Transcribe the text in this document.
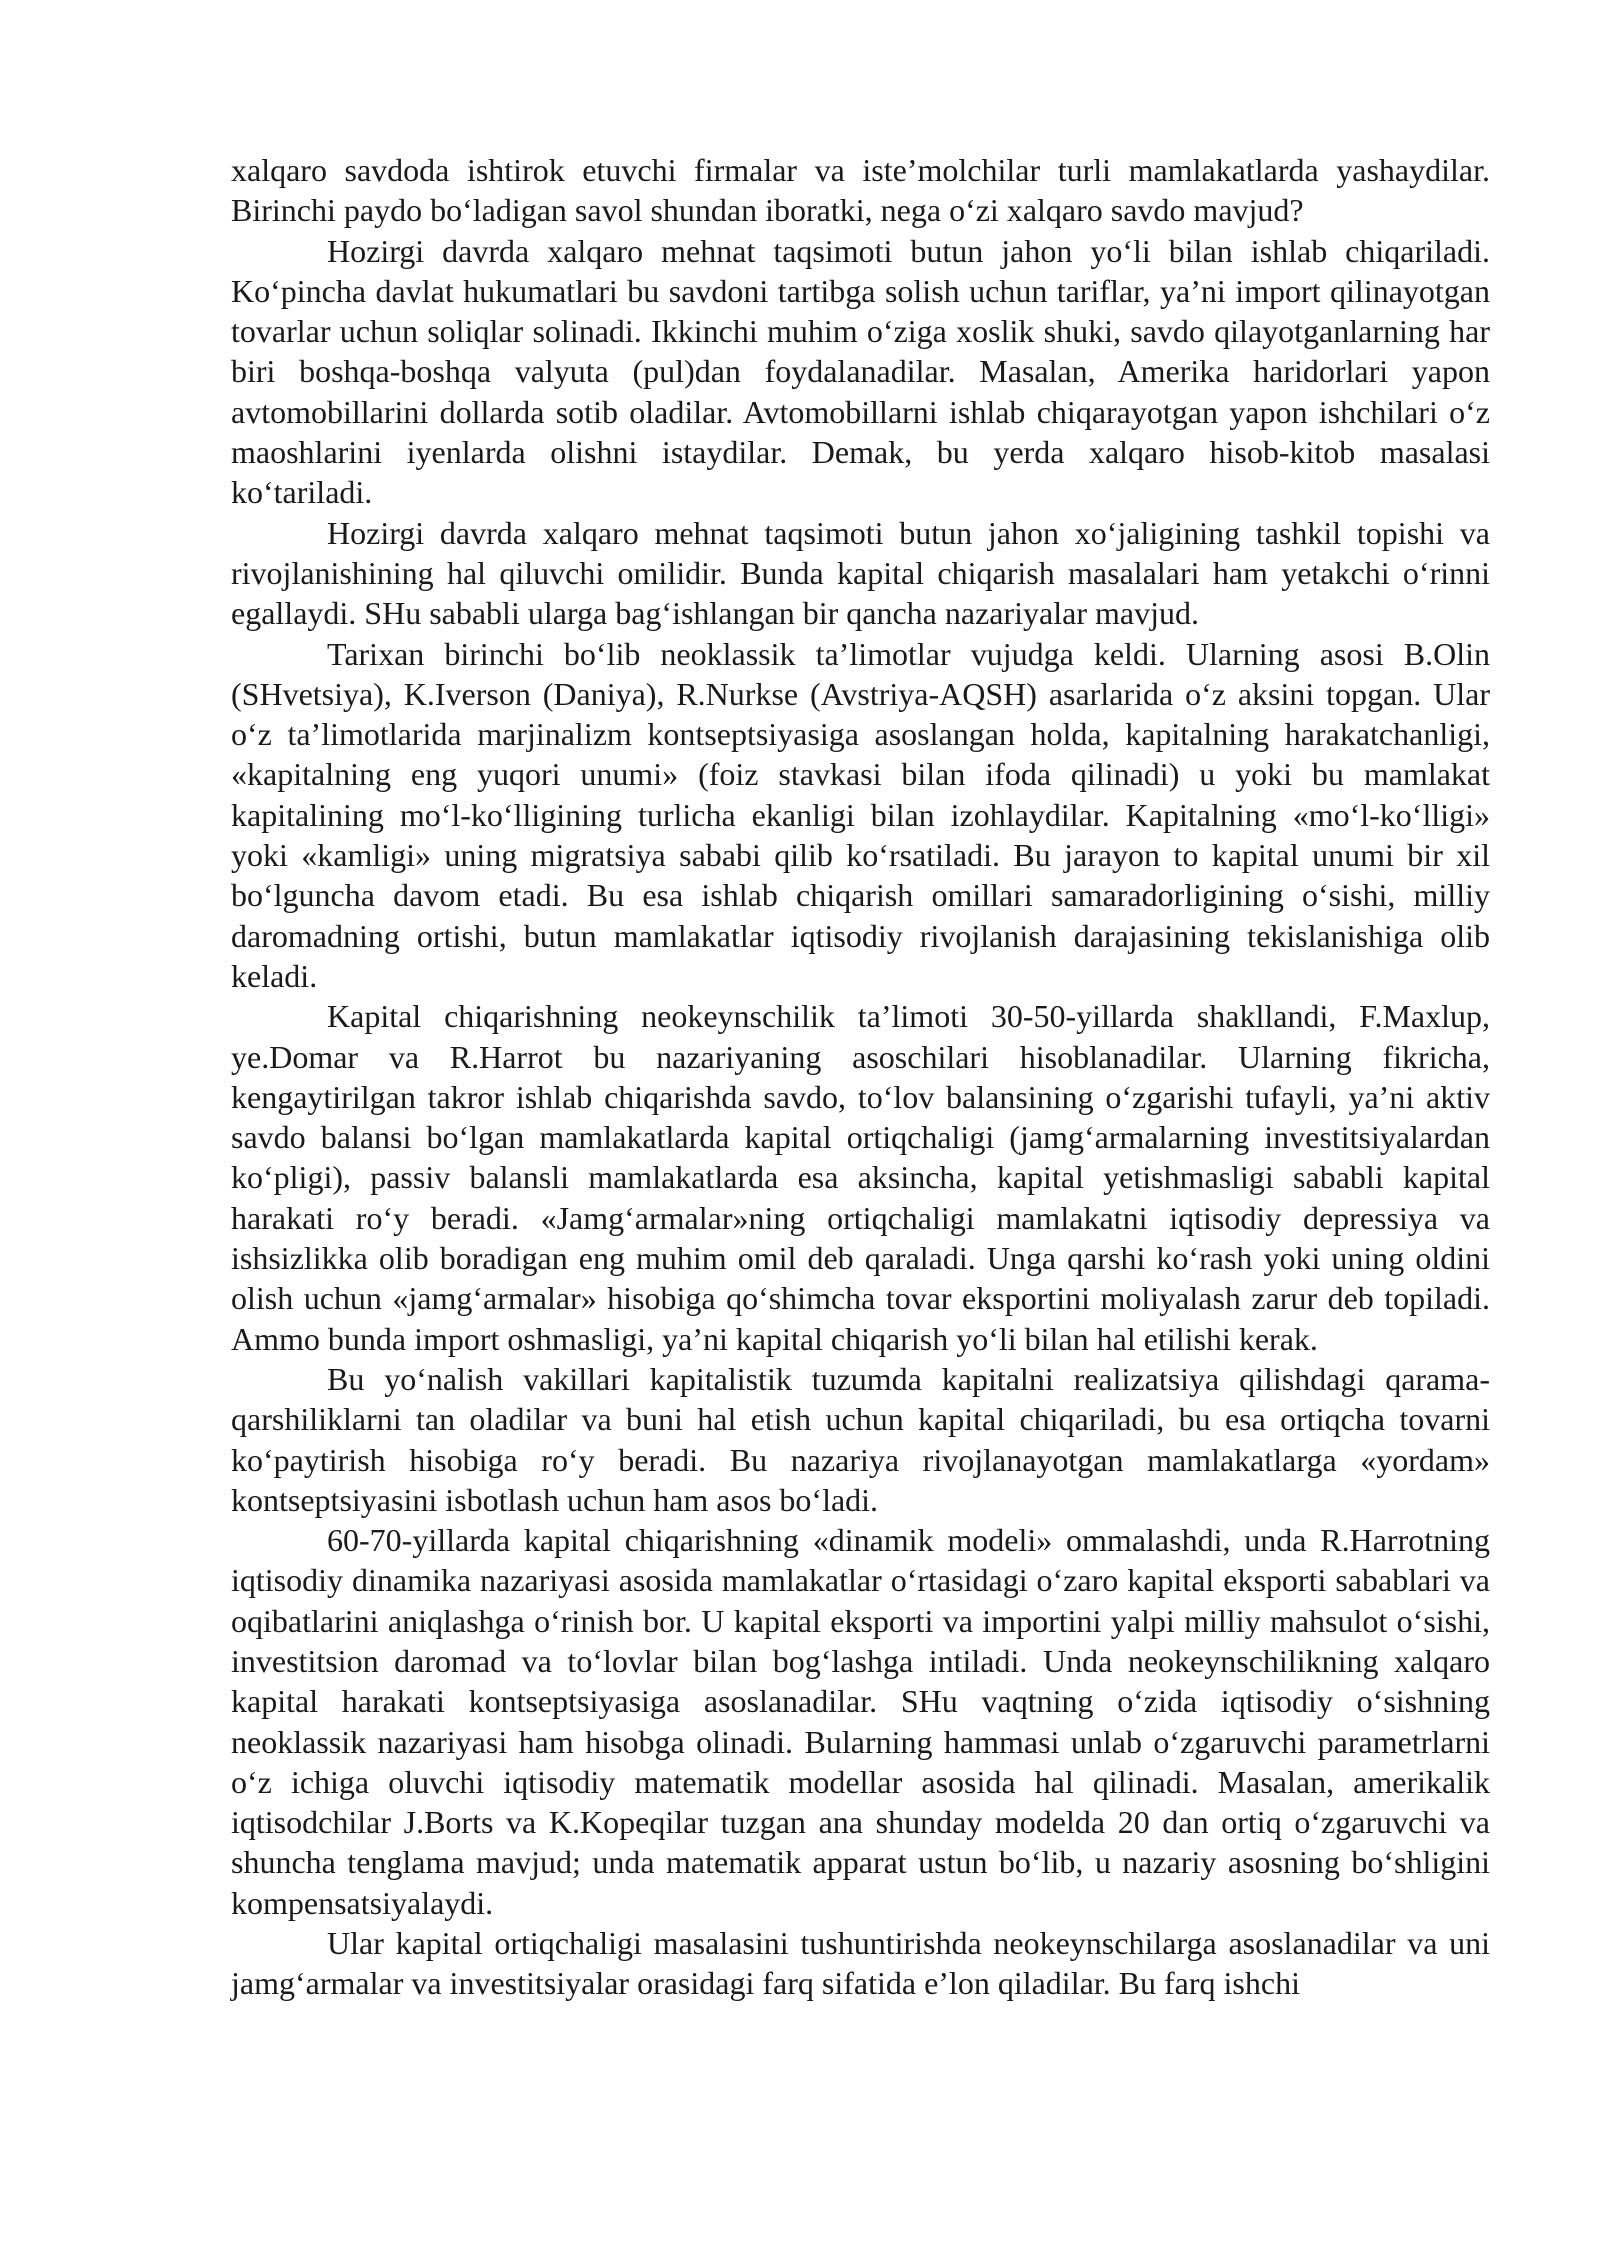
xalqaro savdoda ishtirok etuvchi firmalar va iste’molchilar turli mamlakatlarda yashaydilar. Birinchi paydo bo‘ladigan savol shundan iboratki, nega o‘zi xalqaro savdo mavjud?

Hozirgi davrda xalqaro mehnat taqsimoti butun jahon yo‘li bilan ishlab chiqariladi. Ko‘pincha davlat hukumatlari bu savdoni tartibga solish uchun tariflar, ya’ni import qilinayotgan tovarlar uchun soliqlar solinadi. Ikkinchi muhim o‘ziga xoslik shuki, savdo qilayotganlarning har biri boshqa-boshqa valyuta (pul)dan foydalanadilar. Masalan, Amerika haridorlari yapon avtomobillarini dollarda sotib oladilar. Avtomobillarni ishlab chiqarayotgan yapon ishchilari o‘z maoshlarini iyenlarda olishni istaydilar. Demak, bu yerda xalqaro hisob-kitob masalasi ko‘tariladi.

Hozirgi davrda xalqaro mehnat taqsimoti butun jahon xo‘jaligining tashkil topishi va rivojlanishining hal qiluvchi omilidir. Bunda kapital chiqarish masalalari ham yetakchi o‘rinni egallaydi. SHu sababli ularga bag‘ishlangan bir qancha nazariyalar mavjud.

Tarixan birinchi bo‘lib neoklassik ta’limotlar vujudga keldi. Ularning asosi B.Olin (SHvetsiya), K.Iverson (Daniya), R.Nurkse (Avstriya-AQSH) asarlarida o‘z aksini topgan. Ular o‘z ta’limotlarida marjinalizm kontseptsiyasiga asoslangan holda, kapitalning harakatchanligi, «kapitalning eng yuqori unumi» (foiz stavkasi bilan ifoda qilinadi) u yoki bu mamlakat kapitalining mo‘l-ko‘lligining turlicha ekanligi bilan izohlaydilar. Kapitalning «mo‘l-ko‘lligi» yoki «kamligi» uning migratsiya sababi qilib ko‘rsatiladi. Bu jarayon to kapital unumi bir xil bo‘lguncha davom etadi. Bu esa ishlab chiqarish omillari samaradorligining o‘sishi, milliy daromadning ortishi, butun mamlakatlar iqtisodiy rivojlanish darajasining tekislanishiga olib keladi.

Kapital chiqarishning neokeynschilik ta’limoti 30-50-yillarda shakllandi, F.Maxlup, ye.Domar va R.Harrot bu nazariyaning asoschilari hisoblanadilar. Ularning fikricha, kengaytirilgan takror ishlab chiqarishda savdo, to‘lov balansining o‘zgarishi tufayli, ya’ni aktiv savdo balansi bo‘lgan mamlakatlarda kapital ortiqchaligi (jamg‘armalarning investitsiyalardan ko‘pligi), passiv balansli mamlakatlarda esa aksincha, kapital yetishmasligi sababli kapital harakati ro‘y beradi. «Jamg‘armalar»ning ortiqchaligi mamlakatni iqtisodiy depressiya va ishsizlikka olib boradigan eng muhim omil deb qaraladi. Unga qarshi ko‘rash yoki uning oldini olish uchun «jamg‘armalar» hisobiga qo‘shimcha tovar eksportini moliyalash zarur deb topiladi. Ammo bunda import oshmasligi, ya’ni kapital chiqarish yo‘li bilan hal etilishi kerak.

Bu yo‘nalish vakillari kapitalistik tuzumda kapitalni realizatsiya qilishdagi qarama-qarshiliklarni tan oladilar va buni hal etish uchun kapital chiqariladi, bu esa ortiqcha tovarni ko‘paytirish hisobiga ro‘y beradi. Bu nazariya rivojlanayotgan mamlakatlarga «yordam» kontseptsiyasini isbotlash uchun ham asos bo‘ladi.

60-70-yillarda kapital chiqarishning «dinamik modeli» ommalashdi, unda R.Harrotning iqtisodiy dinamika nazariyasi asosida mamlakatlar o‘rtasidagi o‘zaro kapital eksporti sabablari va oqibatlarini aniqlashga o‘rinish bor. U kapital eksporti va importini yalpi milliy mahsulot o‘sishi, investitsion daromad va to‘lovlar bilan bog‘lashga intiladi. Unda neokeynschilikning xalqaro kapital harakati kontseptsiyasiga asoslanadilar. SHu vaqtning o‘zida iqtisodiy o‘sishning neoklassik nazariyasi ham hisobga olinadi. Bularning hammasi unlab o‘zgaruvchi parametrlarni o‘z ichiga oluvchi iqtisodiy matematik modellar asosida hal qilinadi. Masalan, amerikalik iqtisodchilar J.Borts va K.Kopeqilar tuzgan ana shunday modelda 20 dan ortiq o‘zgaruvchi va shuncha tenglama mavjud; unda matematik apparat ustun bo‘lib, u nazariy asosning bo‘shligini kompensatsiyalaydi.

Ular kapital ortiqchaligi masalasini tushuntirishda neokeynschilarga asoslanadilar va uni jamg‘armalar va investitsiyalar orasidagi farq sifatida e’lon qiladilar. Bu farq ishchi
